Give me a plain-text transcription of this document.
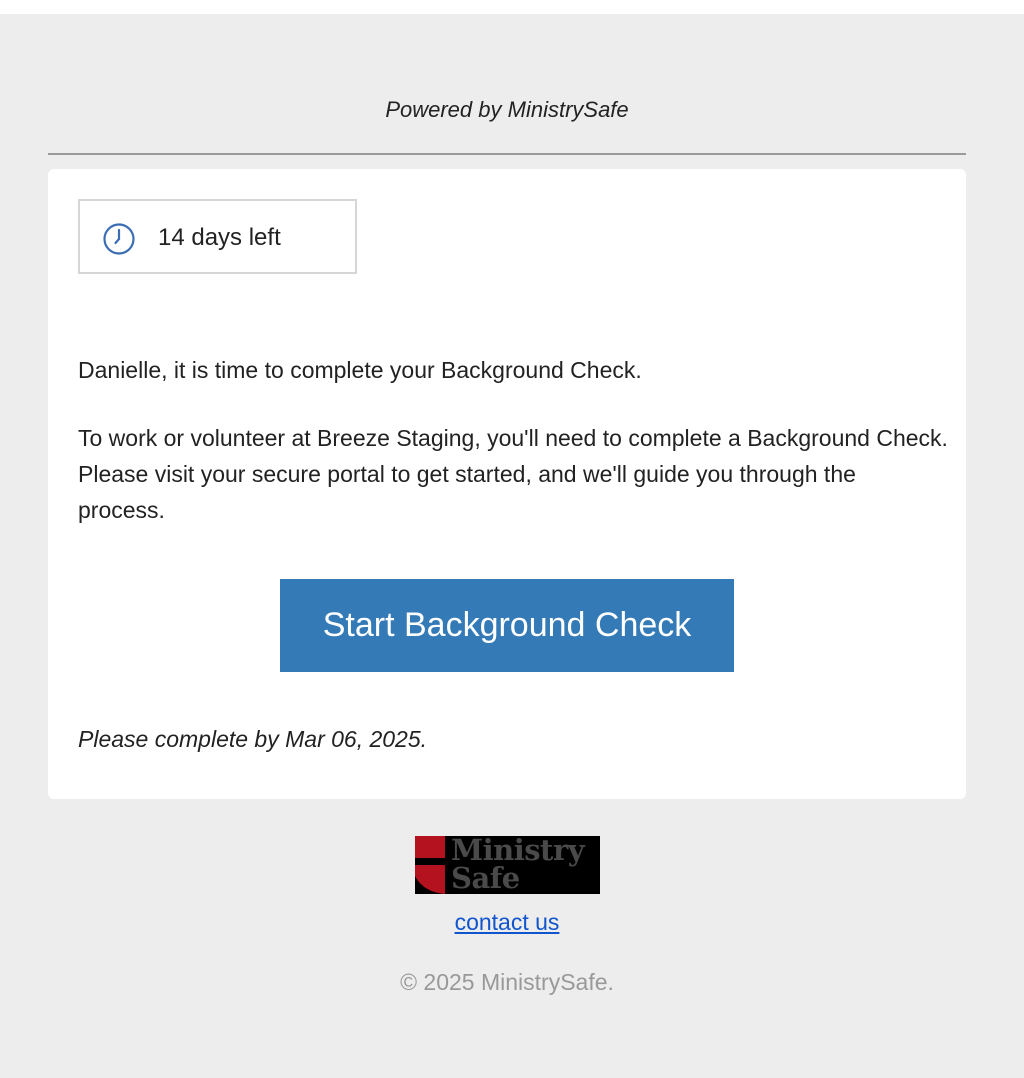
Powered by MinistrySafe
14 days left
Danielle, it is time to complete your Background Check.
To work or volunteer at Breeze Staging, you'll need to complete a Background Check. Please visit your secure portal to get started, and we'll guide you through the process.
Start Background Check
Please complete by Mar 06, 2025.
Ministry
Safe
contact us
© 2025 MinistrySafe.
